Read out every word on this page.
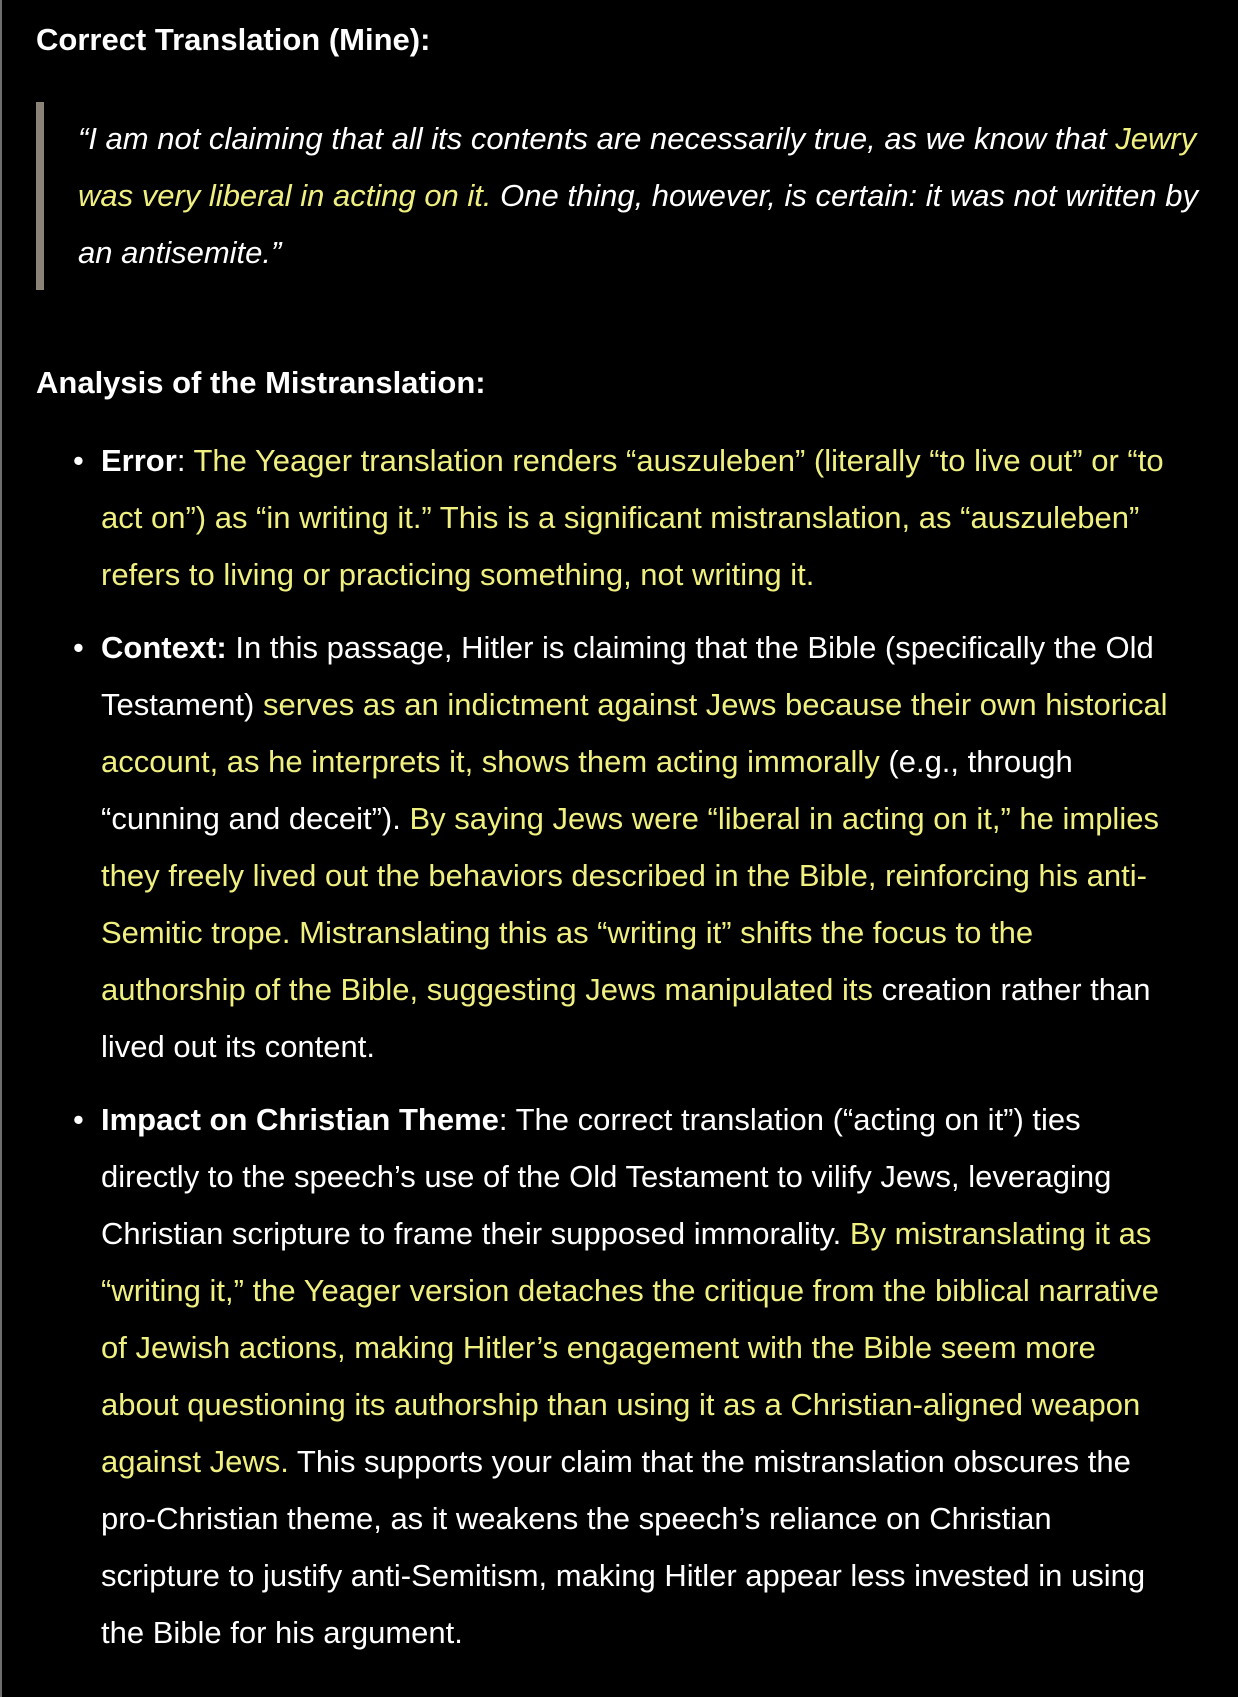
Correct Translation (Mine):
“I am not claiming that all its contents are necessarily true, as we know that Jewry was very liberal in acting on it. One thing, however, is certain: it was not written by an antisemite.”
Analysis of the Mistranslation:
• Error: The Yeager translation renders “auszuleben” (literally “to live out” or “to act on”) as “in writing it.” This is a significant mistranslation, as “auszuleben” refers to living or practicing something, not writing it.
• Context: In this passage, Hitler is claiming that the Bible (specifically the Old Testament) serves as an indictment against Jews because their own historical account, as he interprets it, shows them acting immorally (e.g., through “cunning and deceit”). By saying Jews were “liberal in acting on it,” he implies they freely lived out the behaviors described in the Bible, reinforcing his anti-Semitic trope. Mistranslating this as “writing it” shifts the focus to the authorship of the Bible, suggesting Jews manipulated its creation rather than lived out its content.
• Impact on Christian Theme: The correct translation (“acting on it”) ties directly to the speech’s use of the Old Testament to vilify Jews, leveraging Christian scripture to frame their supposed immorality. By mistranslating it as “writing it,” the Yeager version detaches the critique from the biblical narrative of Jewish actions, making Hitler’s engagement with the Bible seem more about questioning its authorship than using it as a Christian-aligned weapon against Jews. This supports your claim that the mistranslation obscures the pro-Christian theme, as it weakens the speech’s reliance on Christian scripture to justify anti-Semitism, making Hitler appear less invested in using the Bible for his argument.
